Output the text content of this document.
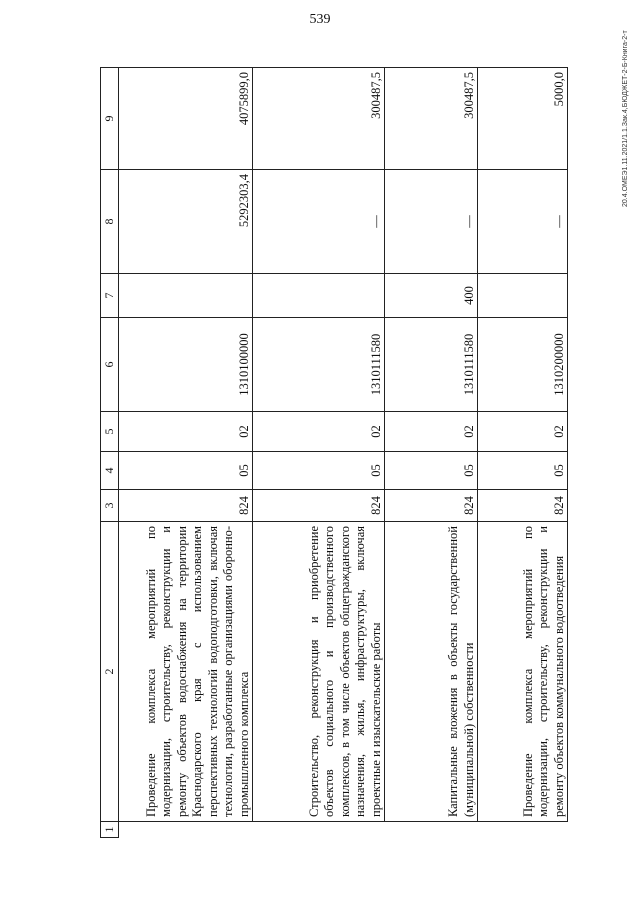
539
20.4.ОМЕЭ1.11.2021/1.1.Зак.4,БЮДЖЕТ-2-Б-Книга-2-т
1	2	3	4	5	6	7	8	9
	Проведение комплекса мероприятий по модернизации, строительству, реконструкции и ремонту объектов водоснабжения на территории Краснодарского края с использованием перспективных технологий водоподготовки, включая технологии, разработанные организациями оборонно-промышленного комплекса	824	05	02	1310100000		5292303,4	4075899,0
	Строительство, реконструкция и приобретение объектов социального и производственного комплексов, в том числе объектов общегражданского назначения, жилья, инфраструктуры, включая проектные и изыскательские работы	824	05	02	1310111580		—	300487,5
	Капитальные вложения в объекты государственной (муниципальной) собственности	824	05	02	1310111580	400	—	300487,5
	Проведение комплекса мероприятий по модернизации, строительству, реконструкции и ремонту объектов коммунального водоотведения	824	05	02	1310200000		—	5000,0
